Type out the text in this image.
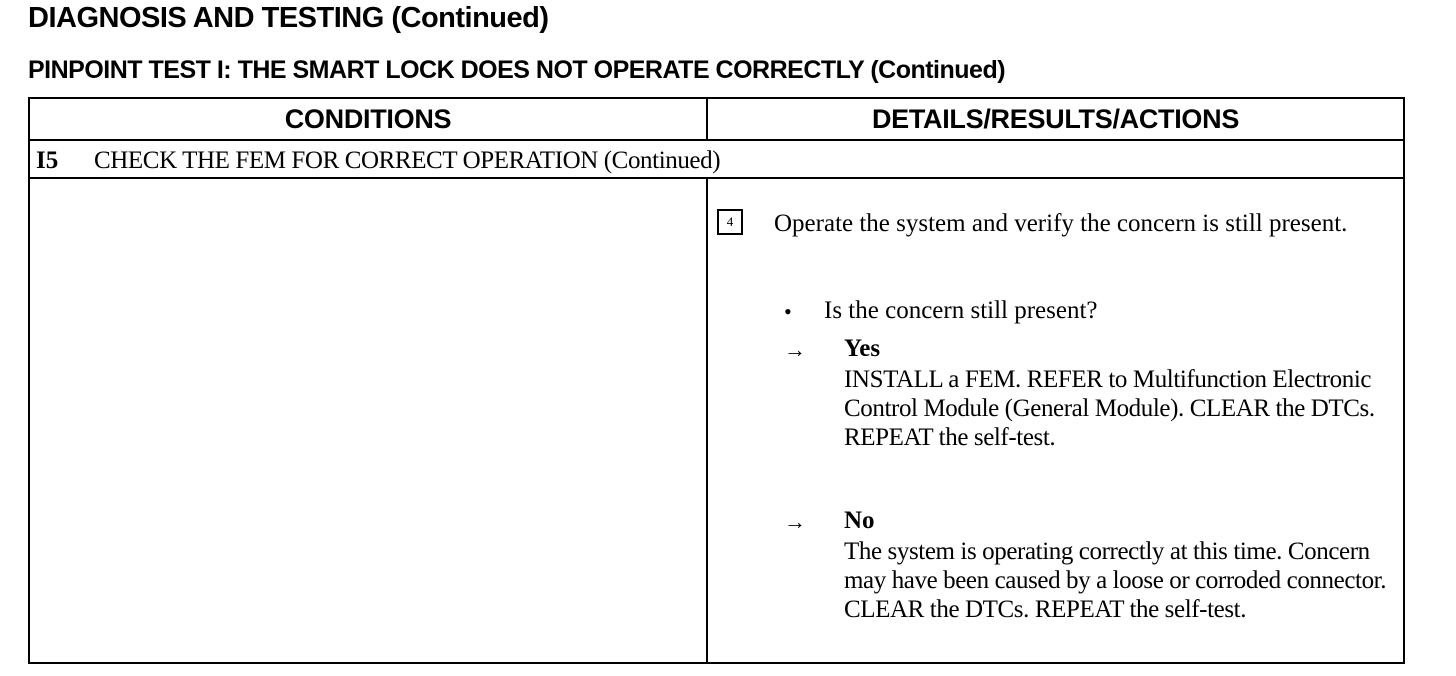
DIAGNOSIS AND TESTING (Continued)
PINPOINT TEST I: THE SMART LOCK DOES NOT OPERATE CORRECTLY (Continued)
CONDITIONS	DETAILS/RESULTS/ACTIONS
I5 CHECK THE FEM FOR CORRECT OPERATION (Continued)
4	Operate the system and verify the concern is still present.
• Is the concern still present?
→ Yes
INSTALL a FEM. REFER to Multifunction Electronic Control Module (General Module). CLEAR the DTCs. REPEAT the self-test.
→ No
The system is operating correctly at this time. Concern may have been caused by a loose or corroded connector. CLEAR the DTCs. REPEAT the self-test.
